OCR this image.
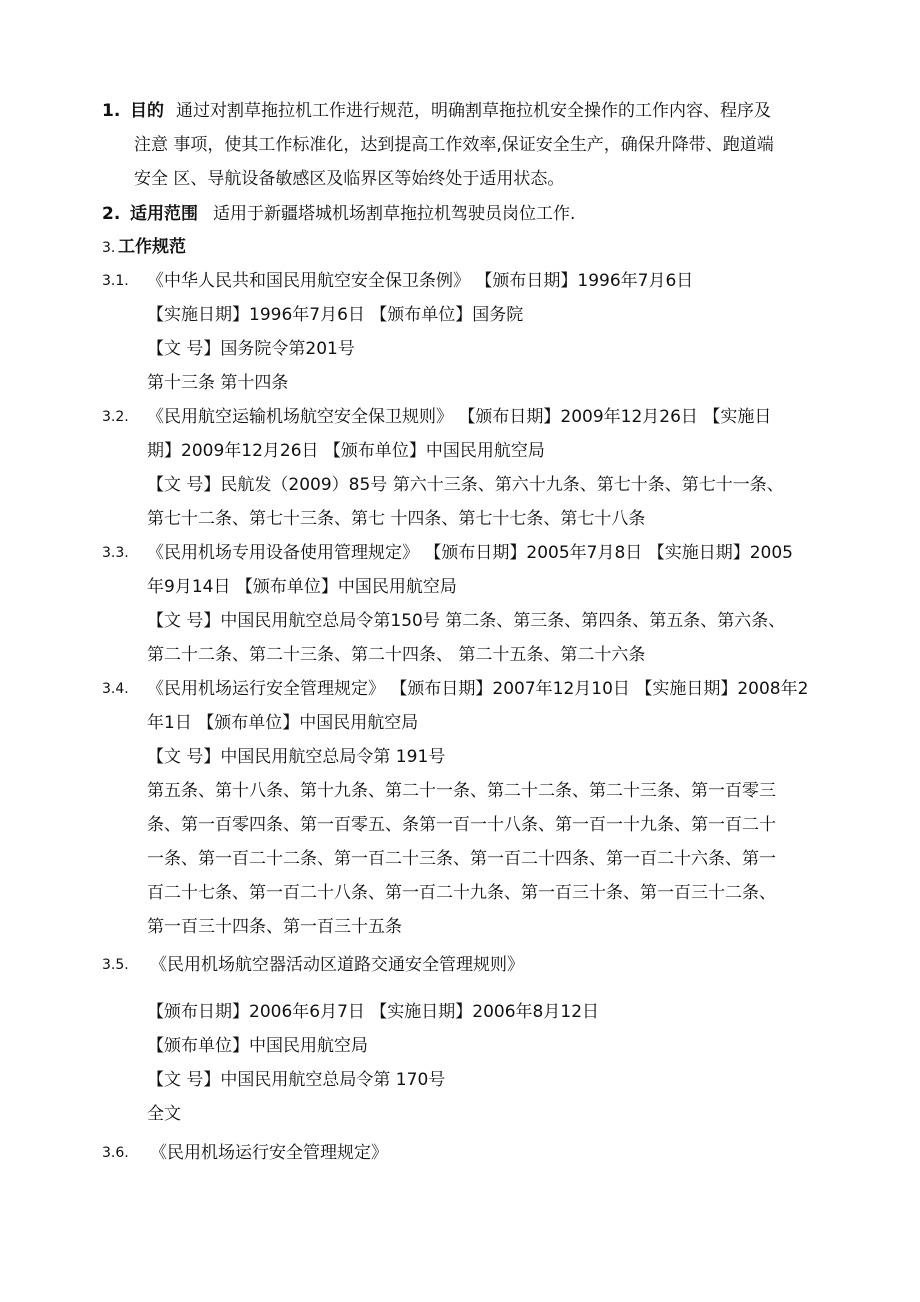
1. 目的 通过对割草拖拉机工作进行规范，明确割草拖拉机安全操作的工作内容、程序及
注意 事项，使其工作标准化，达到提高工作效率,保证安全生产，确保升降带、跑道端
安全 区、导航设备敏感区及临界区等始终处于适用状态。
2. 适用范围 适用于新疆塔城机场割草拖拉机驾驶员岗位工作.
3. 工作规范
3.1. 《中华人民共和国民用航空安全保卫条例》 【颁布日期】1996年7月6日
【实施日期】1996年7月6日 【颁布单位】国务院
【文 号】国务院令第201号
第十三条 第十四条
3.2. 《民用航空运输机场航空安全保卫规则》 【颁布日期】2009年12月26日 【实施日
期】2009年12月26日 【颁布单位】中国民用航空局
【文 号】民航发（2009）85号 第六十三条、第六十九条、第七十条、第七十一条、
第七十二条、第七十三条、第七 十四条、第七十七条、第七十八条
3.3. 《民用机场专用设备使用管理规定》 【颁布日期】2005年7月8日 【实施日期】2005
年9月14日 【颁布单位】中国民用航空局
【文 号】中国民用航空总局令第150号 第二条、第三条、第四条、第五条、第六条、
第二十二条、第二十三条、第二十四条、 第二十五条、第二十六条
3.4. 《民用机场运行安全管理规定》 【颁布日期】2007年12月10日 【实施日期】2008年2
年1日 【颁布单位】中国民用航空局
【文 号】中国民用航空总局令第 191号
第五条、第十八条、第十九条、第二十一条、第二十二条、第二十三条、第一百零三
条、第一百零四条、第一百零五、条第一百一十八条、第一百一十九条、第一百二十
一条、第一百二十二条、第一百二十三条、第一百二十四条、第一百二十六条、第一
百二十七条、第一百二十八条、第一百二十九条、第一百三十条、第一百三十二条、
第一百三十四条、第一百三十五条
3.5. 《民用机场航空器活动区道路交通安全管理规则》
【颁布日期】2006年6月7日 【实施日期】2006年8月12日
【颁布单位】中国民用航空局
【文 号】中国民用航空总局令第 170号
全文
3.6. 《民用机场运行安全管理规定》
